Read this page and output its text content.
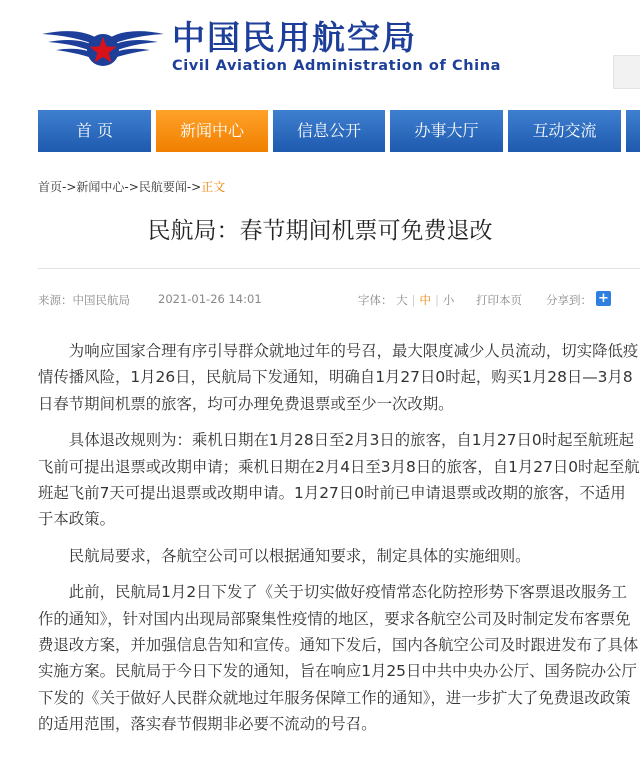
中国民用航空局
Civil Aviation Administration of China
首 页	新闻中心	信息公开	办事大厅	互动交流
首页->新闻中心->民航要闻->正文
民航局：春节期间机票可免费退改
来源：中国民航局 2021-01-26 14:01	字体： 大 | 中 | 小 打印本页 分享到： +

为响应国家合理有序引导群众就地过年的号召，最大限度减少人员流动，切实降低疫情传播风险，1月26日，民航局下发通知，明确自1月27日0时起，购买1月28日—3月8日春节期间机票的旅客，均可办理免费退票或至少一次改期。

具体退改规则为：乘机日期在1月28日至2月3日的旅客，自1月27日0时起至航班起飞前可提出退票或改期申请；乘机日期在2月4日至3月8日的旅客，自1月27日0时起至航班起飞前7天可提出退票或改期申请。1月27日0时前已申请退票或改期的旅客，不适用于本政策。

民航局要求，各航空公司可以根据通知要求，制定具体的实施细则。

此前，民航局1月2日下发了《关于切实做好疫情常态化防控形势下客票退改服务工作的通知》，针对国内出现局部聚集性疫情的地区，要求各航空公司及时制定发布客票免费退改方案，并加强信息告知和宣传。通知下发后，国内各航空公司及时跟进发布了具体实施方案。民航局于今日下发的通知，旨在响应1月25日中共中央办公厅、国务院办公厅下发的《关于做好人民群众就地过年服务保障工作的通知》，进一步扩大了免费退改政策的适用范围，落实春节假期非必要不流动的号召。
